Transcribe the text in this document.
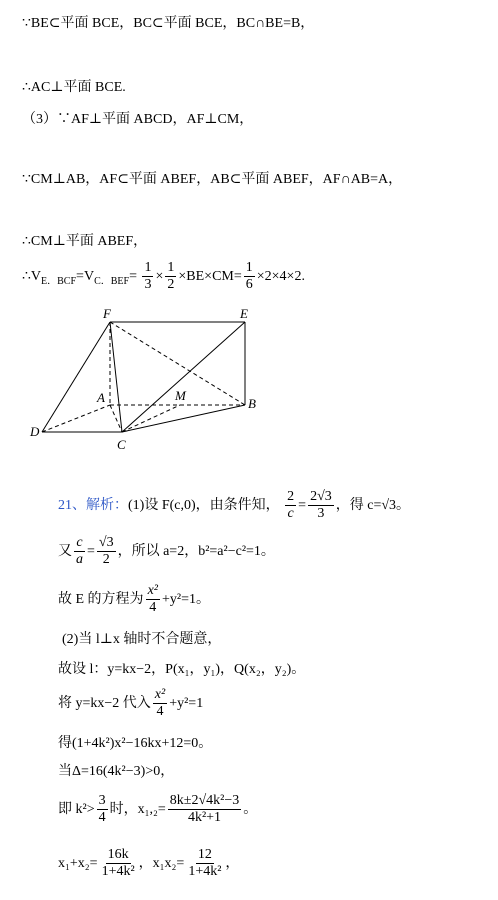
∵BE⊂平面 BCE，BC⊂平面 BCE，BC∩BE=B，
∴AC⊥平面 BCE.
（3）∵AF⊥平面 ABCD，AF⊥CM，
∵CM⊥AB，AF⊂平面 ABEF，AB⊂平面 ABEF，AF∩AB=A，
∴CM⊥平面 ABEF，
$\therefore V_{E.BCF}=V_{C.BEF}= \frac{1}{3} \times \frac{1}{2} \times BE\times CM= \frac{1}{6} \times 2\times 4\times 2$.
F	E
A	M
B
D
C
21、解析：(1)设 F(c,0)，由条件知， $\frac{2}{c} = \frac{2√3}{3}$ ，得 c=√3。
又 $\frac{c}{a} = \frac{√3}{2}$ ，所以 a=2，b²=a²−c²=1。
故 E 的方程为 $\frac{\text{x²}}{4} +y^2=1$。
(2)当 l⊥x 轴时不合题意，
故设 l：y=kx−2，P(x₁，y₁)，Q(x₂，y₂)。
将 y=kx−2 代入 $\frac{\text{x²}}{4} +y^2=1$
得(1+4k²)x²−16kx+12=0。
当Δ=16(4k²−3)>0，
即 $k^2> \frac{3}{4}$ 时，$x_1,_2= \frac{\text{8k±2√4k²−3}}{\text{4k²+1}}$ 。
$x_1+x_2= \frac{16k}{\text{1+4k²}}$ ，$x_1x_2= \frac{12}{\text{1+4k²}}$ ，
